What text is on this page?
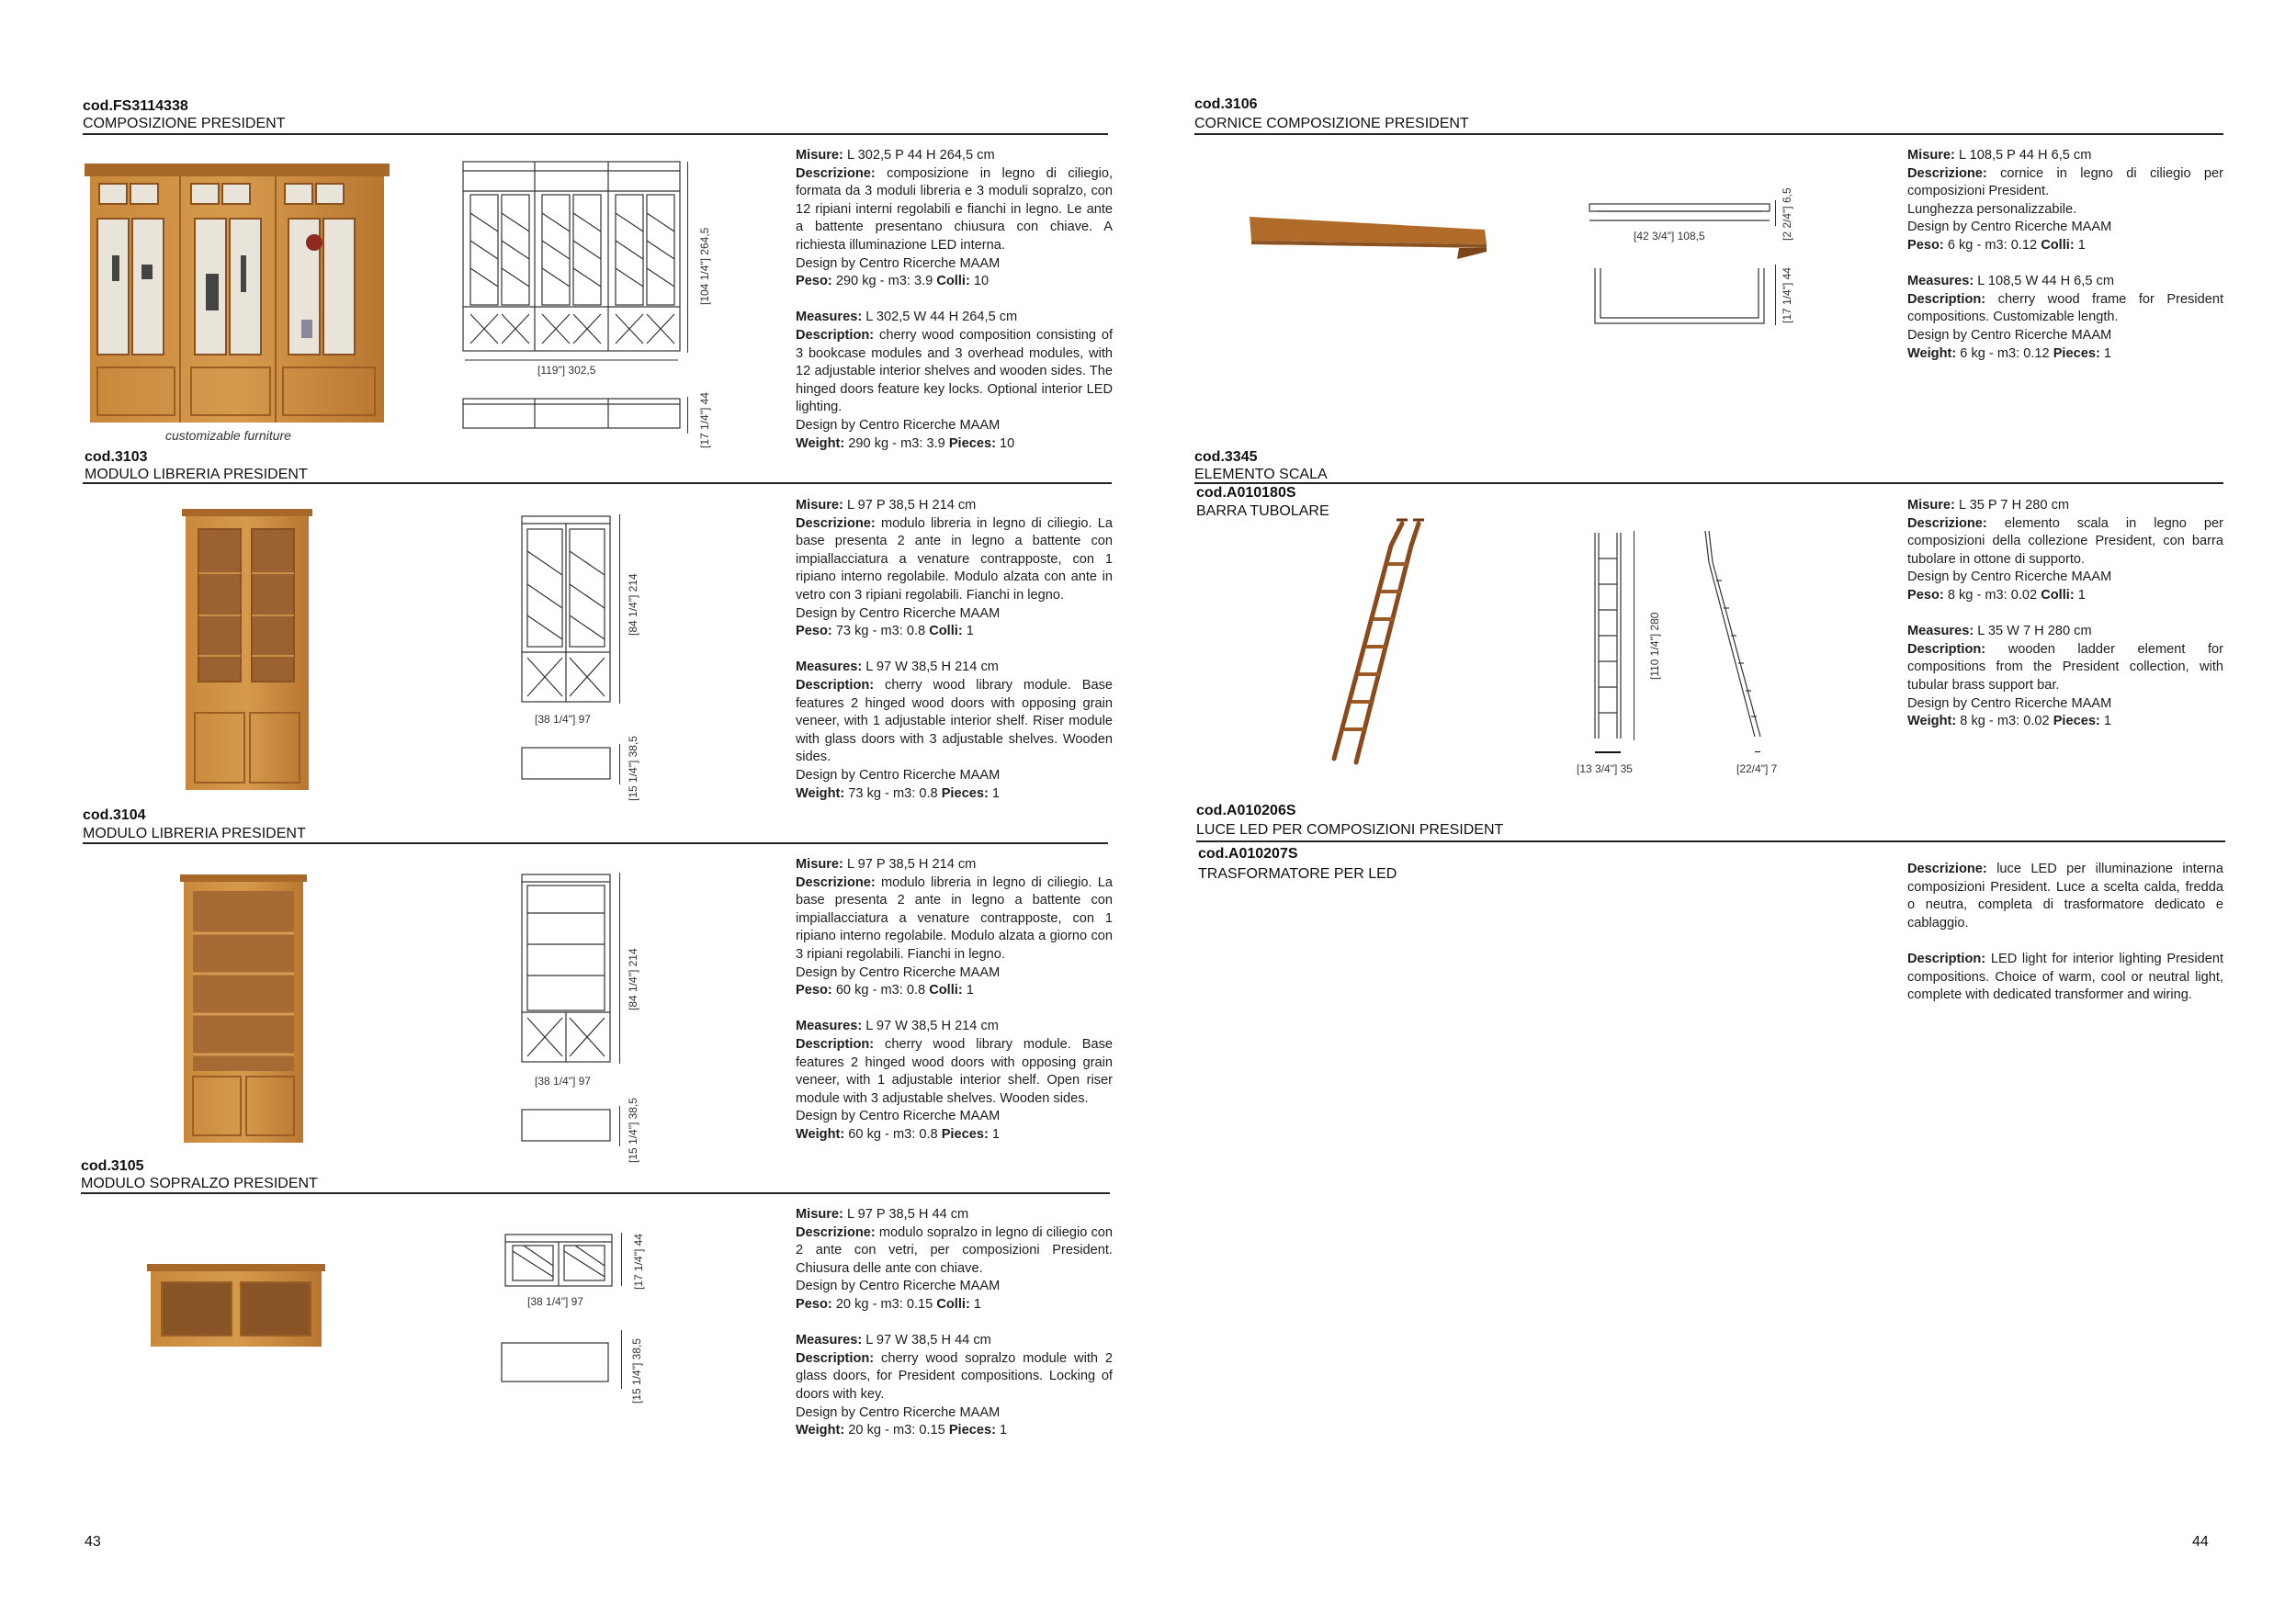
cod.FS3114338
COMPOSIZIONE PRESIDENT
customizable furniture
[119"] 302,5
[104 1/4"] 264,5
[17 1/4"] 44

Misure: L 302,5 P 44 H 264,5 cm

Descrizione: composizione in legno di ciliegio, formata da 3 moduli libreria e 3 moduli sopralzo, con 12 ripiani interni regolabili e fianchi in legno. Le ante a battente presentano chiusura con chiave. A richiesta illuminazione LED interna.

Design by Centro Ricerche MAAM

Peso: 290 kg - m3: 3.9 Colli: 10

Measures: L 302,5 W 44 H 264,5 cm

Description: cherry wood composition consisting of 3 bookcase modules and 3 overhead modules, with 12 adjustable interior shelves and wooden sides. The hinged doors feature key locks. Optional interior LED lighting.

Design by Centro Ricerche MAAM

Weight: 290 kg - m3: 3.9 Pieces: 10

cod.3103
MODULO LIBRERIA PRESIDENT
[38 1/4"] 97
[84 1/4"] 214
[15 1/4"] 38,5

Misure: L 97 P 38,5 H 214 cm

Descrizione: modulo libreria in legno di ciliegio. La base presenta 2 ante in legno a battente con impiallacciatura a venature contrapposte, con 1 ripiano interno regolabile. Modulo alzata con ante in vetro con 3 ripiani regolabili. Fianchi in legno.

Design by Centro Ricerche MAAM

Peso: 73 kg - m3: 0.8 Colli: 1

Measures: L 97 W 38,5 H 214 cm

Description: cherry wood library module. Base features 2 hinged wood doors with opposing grain veneer, with 1 adjustable interior shelf. Riser module with glass doors with 3 adjustable shelves. Wooden sides.

Design by Centro Ricerche MAAM

Weight: 73 kg - m3: 0.8 Pieces: 1

cod.3104
MODULO LIBRERIA PRESIDENT
[38 1/4"] 97
[84 1/4"] 214
[15 1/4"] 38,5

Misure: L 97 P 38,5 H 214 cm

Descrizione: modulo libreria in legno di ciliegio. La base presenta 2 ante in legno a battente con impiallacciatura a venature contrapposte, con 1 ripiano interno regolabile. Modulo alzata a giorno con 3 ripiani regolabili. Fianchi in legno.

Design by Centro Ricerche MAAM

Peso: 60 kg - m3: 0.8 Colli: 1

Measures: L 97 W 38,5 H 214 cm

Description: cherry wood library module. Base features 2 hinged wood doors with opposing grain veneer, with 1 adjustable interior shelf. Open riser module with 3 adjustable shelves. Wooden sides.

Design by Centro Ricerche MAAM

Weight: 60 kg - m3: 0.8 Pieces: 1

cod.3105
MODULO SOPRALZO PRESIDENT
[38 1/4"] 97
[17 1/4"] 44
[15 1/4"] 38,5

Misure: L 97 P 38,5 H 44 cm

Descrizione: modulo sopralzo in legno di ciliegio con 2 ante con vetri, per composizioni President. Chiusura delle ante con chiave.

Design by Centro Ricerche MAAM

Peso: 20 kg - m3: 0.15 Colli: 1

Measures: L 97 W 38,5 H 44 cm

Description: cherry wood sopralzo module with 2 glass doors, for President compositions. Locking of doors with key.

Design by Centro Ricerche MAAM

Weight: 20 kg - m3: 0.15 Pieces: 1

43
cod.3106
CORNICE COMPOSIZIONE PRESIDENT
[42 3/4"] 108,5	[2 2/4"] 6,5
[17 1/4"] 44

Misure: L 108,5 P 44 H 6,5 cm

Descrizione: cornice in legno di ciliegio per composizioni President.

Lunghezza personalizzabile.

Design by Centro Ricerche MAAM

Peso: 6 kg - m3: 0.12 Colli: 1

Measures: L 108,5 W 44 H 6,5 cm

Description: cherry wood frame for President compositions. Customizable length.

Design by Centro Ricerche MAAM

Weight: 6 kg - m3: 0.12 Pieces: 1

cod.3345
ELEMENTO SCALA
cod.A010180S
BARRA TUBOLARE
[13 3/4"] 35
[110 1/4"] 280
[22/4"] 7

Misure: L 35 P 7 H 280 cm

Descrizione: elemento scala in legno per composizioni della collezione President, con barra tubolare in ottone di supporto.

Design by Centro Ricerche MAAM

Peso: 8 kg - m3: 0.02 Colli: 1

Measures: L 35 W 7 H 280 cm

Description: wooden ladder element for compositions from the President collection, with tubular brass support bar.

Design by Centro Ricerche MAAM

Weight: 8 kg - m3: 0.02 Pieces: 1

cod.A010206S
LUCE LED PER COMPOSIZIONI PRESIDENT
cod.A010207S
TRASFORMATORE PER LED	Descrizione: luce LED per illuminazione interna composizioni President. Luce a scelta calda, fredda o neutra, completa di trasformatore dedicato e cablaggio.

Description: LED light for interior lighting President compositions. Choice of warm, cool or neutral light, complete with dedicated transformer and wiring.

44
